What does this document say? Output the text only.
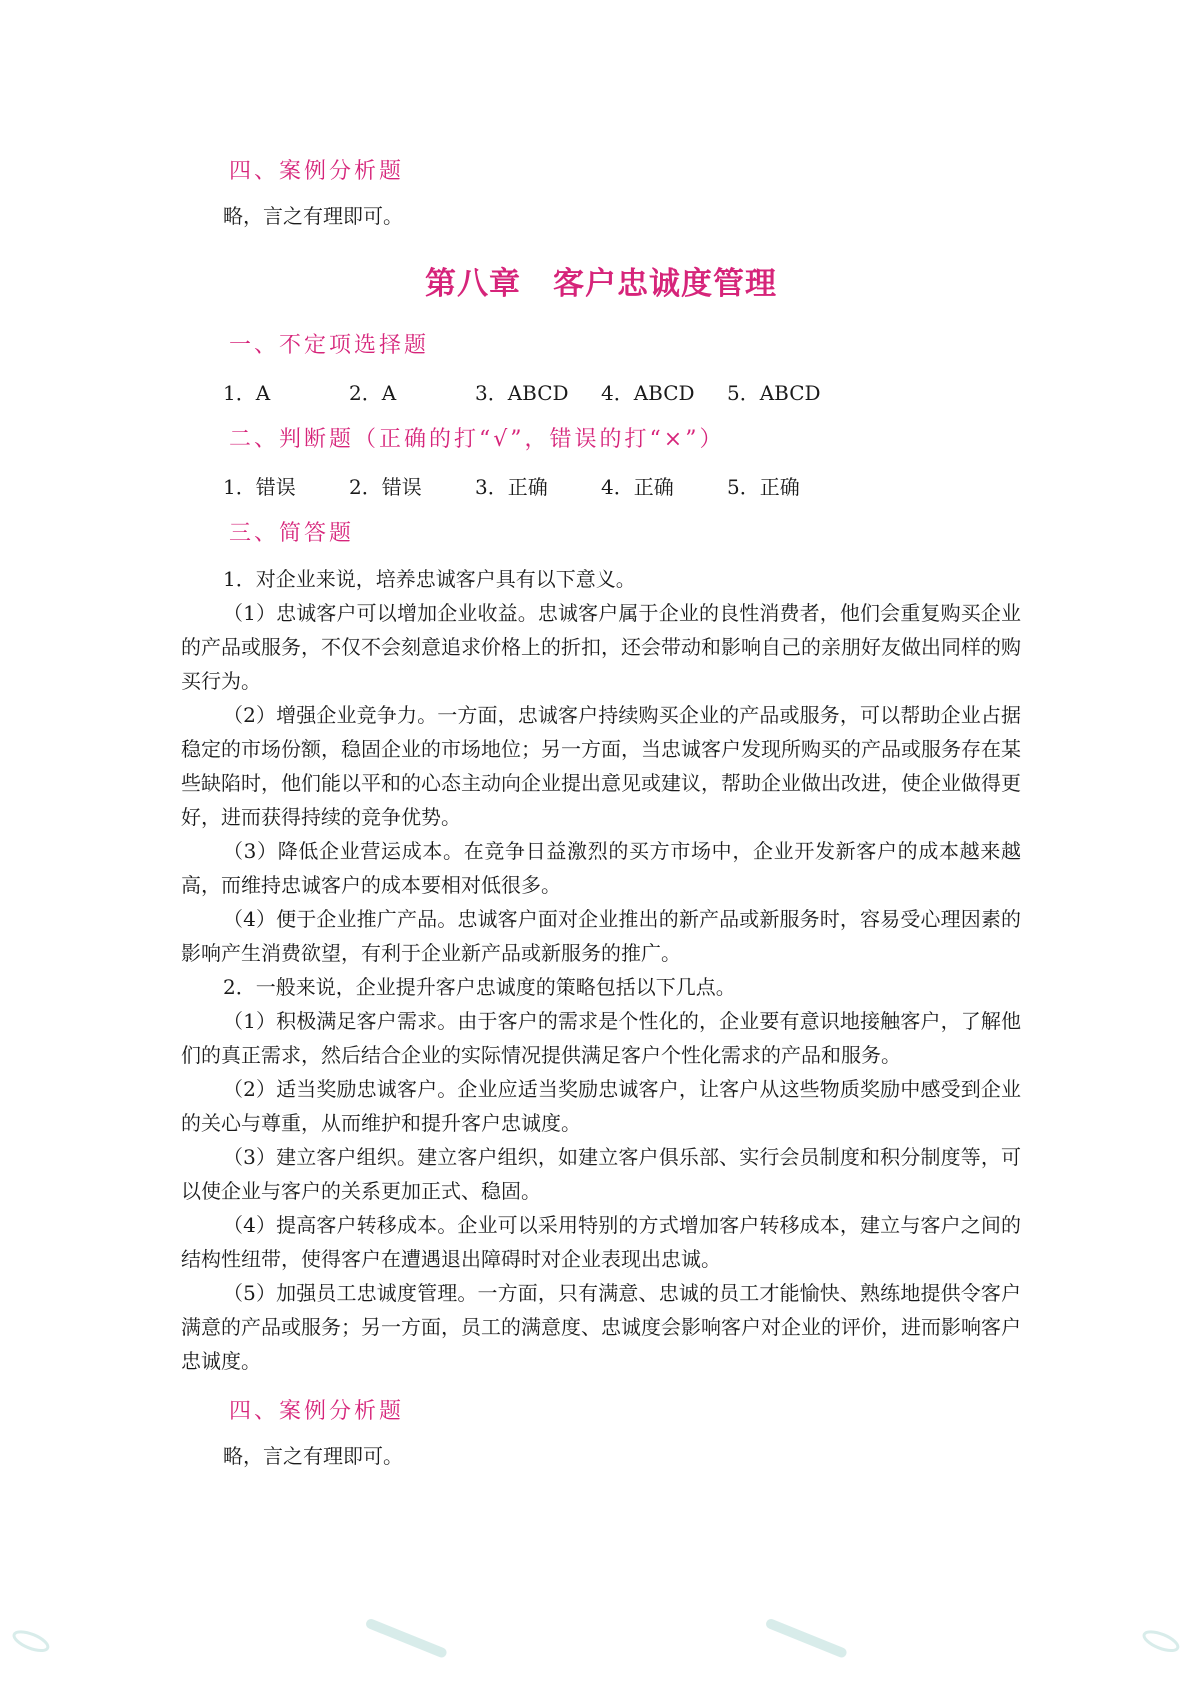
四、案例分析题
略，言之有理即可。
第八章　客户忠诚度管理
一、不定项选择题
1．A	2．A	3．ABCD	4．ABCD	5．ABCD
二、判断题（正确的打“√”，错误的打“×”）
1．错误	2．错误	3．正确	4．正确	5．正确
三、简答题

1．对企业来说，培养忠诚客户具有以下意义。

（1）忠诚客户可以增加企业收益。忠诚客户属于企业的良性消费者，他们会重复购买企业的产品或服务，不仅不会刻意追求价格上的折扣，还会带动和影响自己的亲朋好友做出同样的购买行为。

（2）增强企业竞争力。一方面，忠诚客户持续购买企业的产品或服务，可以帮助企业占据稳定的市场份额，稳固企业的市场地位；另一方面，当忠诚客户发现所购买的产品或服务存在某些缺陷时，他们能以平和的心态主动向企业提出意见或建议，帮助企业做出改进，使企业做得更好，进而获得持续的竞争优势。

（3）降低企业营运成本。在竞争日益激烈的买方市场中，企业开发新客户的成本越来越高，而维持忠诚客户的成本要相对低很多。

（4）便于企业推广产品。忠诚客户面对企业推出的新产品或新服务时，容易受心理因素的影响产生消费欲望，有利于企业新产品或新服务的推广。

2．一般来说，企业提升客户忠诚度的策略包括以下几点。

（1）积极满足客户需求。由于客户的需求是个性化的，企业要有意识地接触客户，了解他们的真正需求，然后结合企业的实际情况提供满足客户个性化需求的产品和服务。

（2）适当奖励忠诚客户。企业应适当奖励忠诚客户，让客户从这些物质奖励中感受到企业的关心与尊重，从而维护和提升客户忠诚度。

（3）建立客户组织。建立客户组织，如建立客户俱乐部、实行会员制度和积分制度等，可以使企业与客户的关系更加正式、稳固。

（4）提高客户转移成本。企业可以采用特别的方式增加客户转移成本，建立与客户之间的结构性纽带，使得客户在遭遇退出障碍时对企业表现出忠诚。

（5）加强员工忠诚度管理。一方面，只有满意、忠诚的员工才能愉快、熟练地提供令客户满意的产品或服务；另一方面，员工的满意度、忠诚度会影响客户对企业的评价，进而影响客户忠诚度。

四、案例分析题
略，言之有理即可。
